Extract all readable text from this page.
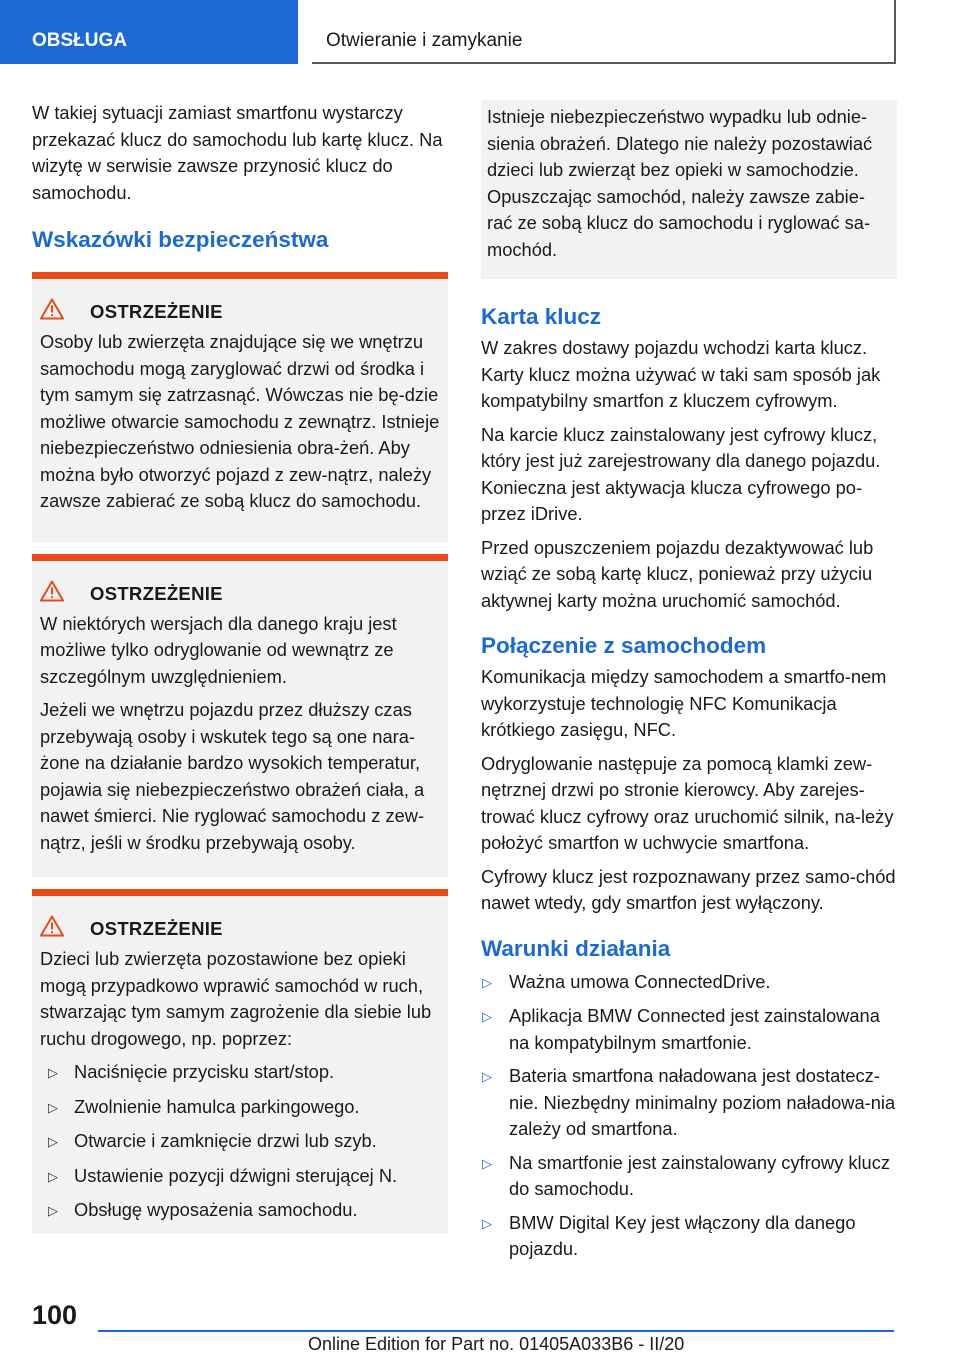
OBSŁUGA	Otwieranie i zamykanie

W takiej sytuacji zamiast smartfonu wystarczy przekazać klucz do samochodu lub kartę klucz. Na wizytę w serwisie zawsze przynosić klucz do samochodu.

Wskazówki bezpieczeństwa
OSTRZEŻENIE

Osoby lub zwierzęta znajdujące się we wnętrzu samochodu mogą zaryglować drzwi od środka i tym samym się zatrzasnąć. Wówczas nie bę-dzie możliwe otwarcie samochodu z zewnątrz. Istnieje niebezpieczeństwo odniesienia obra-żeń. Aby można było otworzyć pojazd z zew-nątrz, należy zawsze zabierać ze sobą klucz do samochodu.

OSTRZEŻENIE

W niektórych wersjach dla danego kraju jest możliwe tylko odryglowanie od wewnątrz ze szczególnym uwzględnieniem.

Jeżeli we wnętrzu pojazdu przez dłuższy czas przebywają osoby i wskutek tego są one nara-żone na działanie bardzo wysokich temperatur, pojawia się niebezpieczeństwo obrażeń ciała, a nawet śmierci. Nie ryglować samochodu z zew-nątrz, jeśli w środku przebywają osoby.

OSTRZEŻENIE

Dzieci lub zwierzęta pozostawione bez opieki mogą przypadkowo wprawić samochód w ruch, stwarzając tym samym zagrożenie dla siebie lub ruchu drogowego, np. poprzez:

▷ Naciśnięcie przycisku start/stop.
▷ Zwolnienie hamulca parkingowego.
▷ Otwarcie i zamknięcie drzwi lub szyb.
▷ Ustawienie pozycji dźwigni sterującej N.
▷ Obsługę wyposażenia samochodu.

Istnieje niebezpieczeństwo wypadku lub odnie-sienia obrażeń. Dlatego nie należy pozostawiać dzieci lub zwierząt bez opieki w samochodzie. Opuszczając samochód, należy zawsze zabie-rać ze sobą klucz do samochodu i ryglować sa-mochód.

Karta klucz

W zakres dostawy pojazdu wchodzi karta klucz. Karty klucz można używać w taki sam sposób jak kompatybilny smartfon z kluczem cyfrowym.

Na karcie klucz zainstalowany jest cyfrowy klucz, który jest już zarejestrowany dla danego pojazdu. Konieczna jest aktywacja klucza cyfrowego po-przez iDrive.

Przed opuszczeniem pojazdu dezaktywować lub wziąć ze sobą kartę klucz, ponieważ przy użyciu aktywnej karty można uruchomić samochód.

Połączenie z samochodem

Komunikacja między samochodem a smartfo-nem wykorzystuje technologię NFC Komunikacja krótkiego zasięgu, NFC.

Odryglowanie następuje za pomocą klamki zew-nętrznej drzwi po stronie kierowcy. Aby zarejes-trować klucz cyfrowy oraz uruchomić silnik, na-leży położyć smartfon w uchwycie smartfona.

Cyfrowy klucz jest rozpoznawany przez samo-chód nawet wtedy, gdy smartfon jest wyłączony.

Warunki działania
▷ Ważna umowa ConnectedDrive.
▷ Aplikacja BMW Connected jest zainstalowana na kompatybilnym smartfonie.
▷ Bateria smartfona naładowana jest dostatecz-nie. Niezbędny minimalny poziom naładowa-nia zależy od smartfona.
▷ Na smartfonie jest zainstalowany cyfrowy klucz do samochodu.
▷ BMW Digital Key jest włączony dla danego pojazdu.
100
Online Edition for Part no. 01405A033B6 - II/20
